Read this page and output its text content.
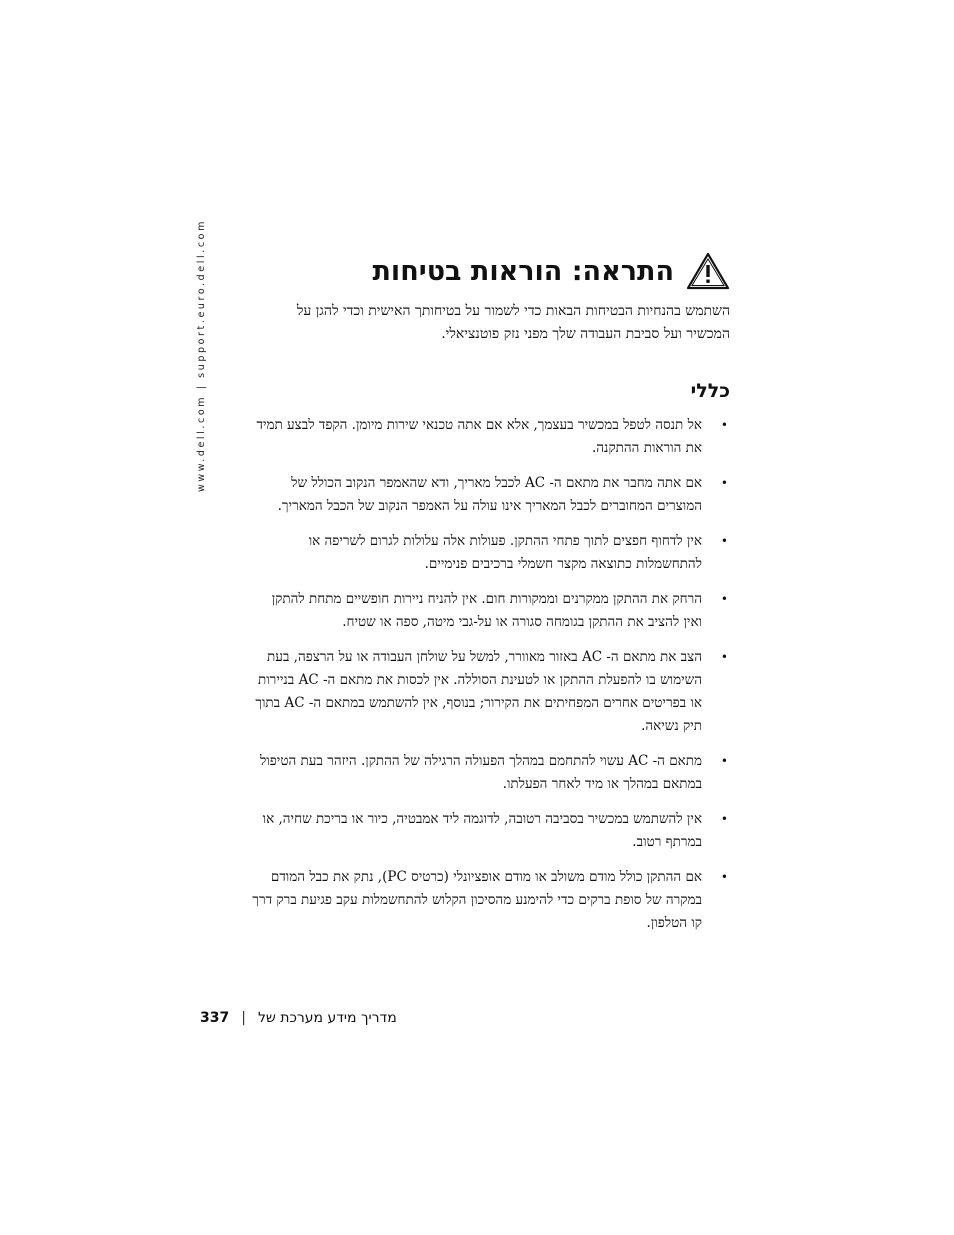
www.dell.com | support.euro.dell.com	התראה: הוראות בטיחות

השתמש בהנחיות הבטיחות הבאות כדי לשמור על בטיחותך האישית וכדי להגן על המכשיר ועל סביבת העבודה שלך מפני נזק פוטנציאלי.

כללי
•
אל תנסה לטפל במכשיר בעצמך, אלא אם אתה טכנאי שירות מיומן. הקפד לבצע תמיד את הוראות ההתקנה.
•
אם אתה מחבר את מתאם ה- AC לכבל מאריך, ודא שהאמפר הנקוב הכולל של המוצרים המחוברים לכבל המאריך אינו עולה על האמפר הנקוב של הכבל המאריך.
•
אין לדחוף חפצים לתוך פתחי ההתקן. פעולות אלה עלולות לגרום לשריפה או להתחשמלות כתוצאה מקצר חשמלי ברכיבים פנימיים.
•
הרחק את ההתקן ממקרנים וממקורות חום. אין להניח ניירות חופשיים מתחת להתקן ואין להציב את ההתקן בגומחה סגורה או על-גבי מיטה, ספה או שטיח.
•
הצב את מתאם ה- AC באזור מאוורר, למשל על שולחן העבודה או על הרצפה, בעת השימוש בו להפעלת ההתקן או לטעינת הסוללה. אין לכסות את מתאם ה- AC בניירות או בפריטים אחרים המפחיתים את הקירור; בנוסף, אין להשתמש במתאם ה- AC בתוך תיק נשיאה.
•
מתאם ה- AC עשוי להתחמם במהלך הפעולה הרגילה של ההתקן. היזהר בעת הטיפול במתאם במהלך או מיד לאחר הפעלתו.
•
אין להשתמש במכשיר בסביבה רטובה, לדוגמה ליד אמבטיה, כיור או בריכת שחיה, או במרתף רטוב.
•
אם ההתקן כולל מודם משולב או מודם אופציונלי (כרטיס PC), נתק את כבל המודם במקרה של סופת ברקים כדי להימנע מהסיכון הקלוש להתחשמלות עקב פגיעת ברק דרך קו הטלפון.
337 | מדריך מידע מערכת של
